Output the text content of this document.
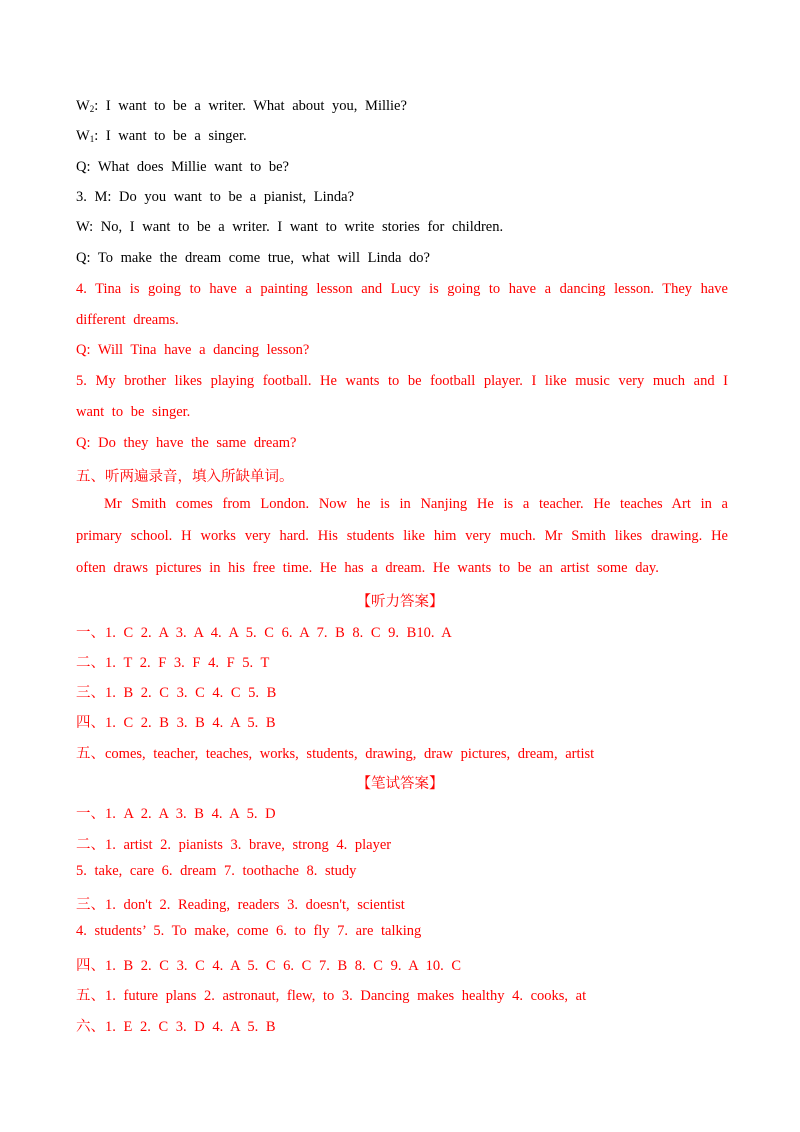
$W_2$: I want to be a writer. What about you, Millie?
$W_1$: I want to be a singer.
Q: What does Millie want to be?
3. M: Do you want to be a pianist, Linda?
W: No, I want to be a writer. I want to write stories for children.
Q: To make the dream come true, what will Linda do?
4. Tina is going to have a painting lesson and Lucy is going to have a dancing lesson. They have
different dreams.
Q: Will Tina have a dancing lesson?
5. My brother likes playing football. He wants to be football player. I like music very much and I
want to be singer.
Q: Do they have the same dream?
五、听两遍录音，填入所缺单词。
Mr Smith comes from London. Now he is in Nanjing He is a teacher. He teaches Art in a
primary school. H works very hard. His students like him very much. Mr Smith likes drawing. He
often draws pictures in his free time. He has a dream. He wants to be an artist some day.
【听力答案】
一、1. C 2. A 3. A 4. A 5. C 6. A 7. B 8. C 9. B10. A
二、1. T 2. F 3. F 4. F 5. T
三、1. B 2. C 3. C 4. C 5. B
四、1. C 2. B 3. B 4. A 5. B
五、comes, teacher, teaches, works, students, drawing, draw pictures, dream, artist
【笔试答案】
一、1. A 2. A 3. B 4. A 5. D
二、1. artist 2. pianists 3. brave, strong 4. player
5. take, care 6. dream 7. toothache 8. study
三、1. don't 2. Reading, readers 3. doesn't, scientist
4. students’ 5. To make, come 6. to fly 7. are talking
四、1. B 2. C 3. C 4. A 5. C 6. C 7. B 8. C 9. A 10. C
五、1. future plans 2. astronaut, flew, to 3. Dancing makes healthy 4. cooks, at
六、1. E 2. C 3. D 4. A 5. B
